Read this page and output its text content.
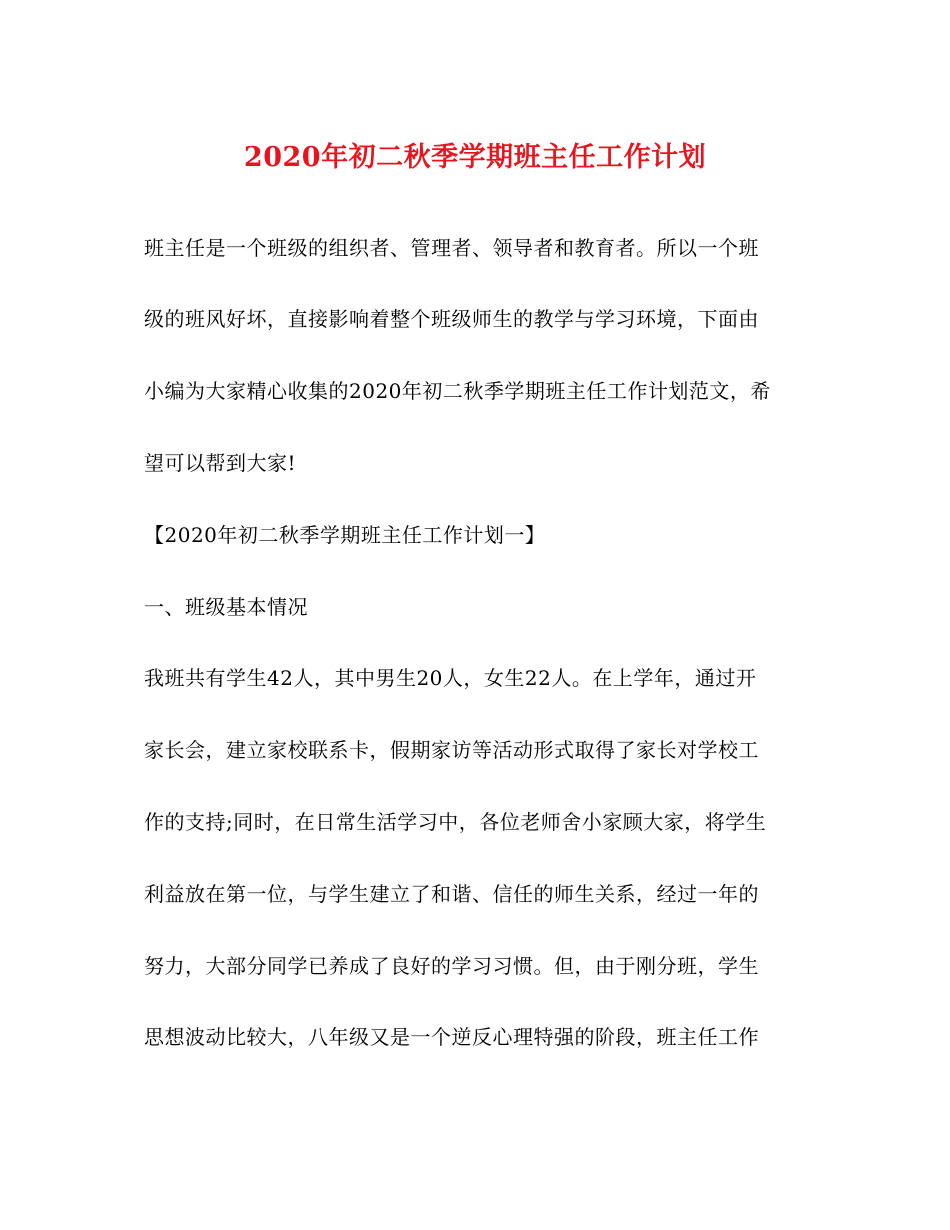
2020年初二秋季学期班主任工作计划
班主任是一个班级的组织者、管理者、领导者和教育者。所以一个班
级的班风好坏，直接影响着整个班级师生的教学与学习环境，下面由
小编为大家精心收集的2020年初二秋季学期班主任工作计划范文，希
望可以帮到大家!
【2020年初二秋季学期班主任工作计划一】
一、班级基本情况
我班共有学生42人，其中男生20人，女生22人。在上学年，通过开
家长会，建立家校联系卡，假期家访等活动形式取得了家长对学校工
作的支持;同时，在日常生活学习中，各位老师舍小家顾大家，将学生
利益放在第一位，与学生建立了和谐、信任的师生关系，经过一年的
努力，大部分同学已养成了良好的学习习惯。但，由于刚分班，学生
思想波动比较大，八年级又是一个逆反心理特强的阶段，班主任工作
